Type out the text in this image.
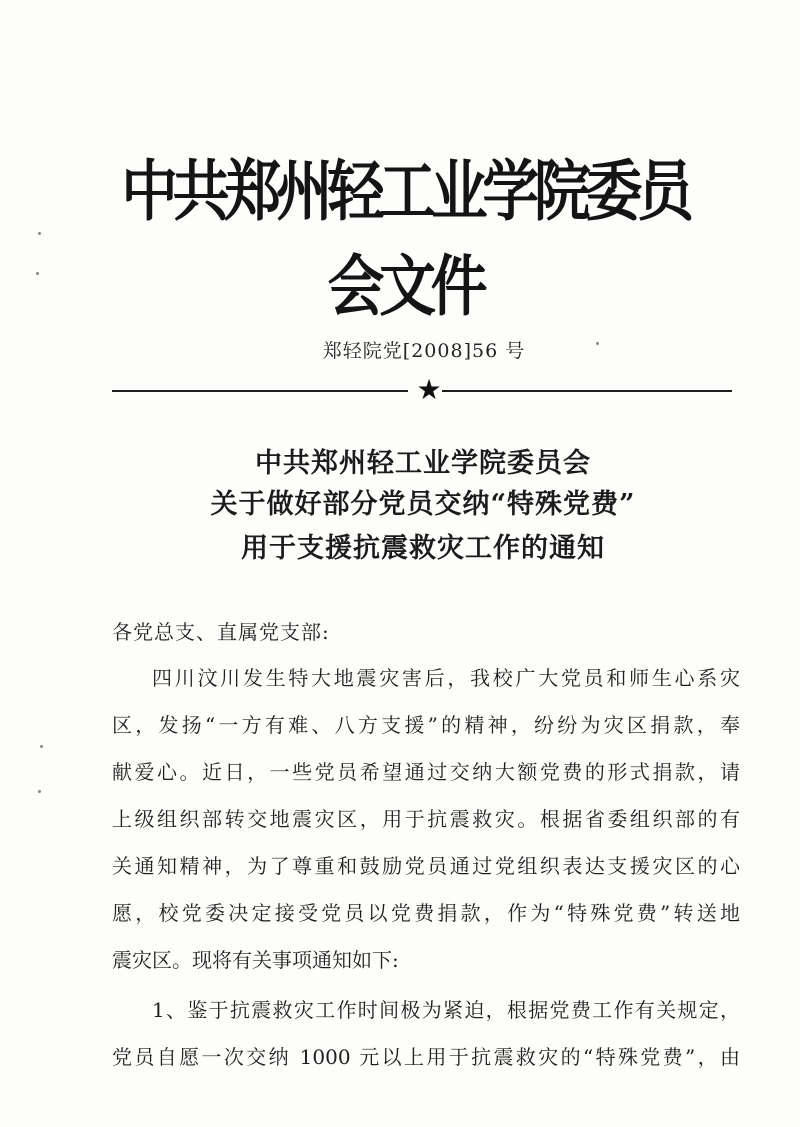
中共郑州轻工业学院委员会文件
郑轻院党[2008]56 号
★
中共郑州轻工业学院委员会
关于做好部分党员交纳“特殊党费”
用于支援抗震救灾工作的通知
各党总支、直属党支部:
四川汶川发生特大地震灾害后，我校广大党员和师生心系灾
区，发扬“一方有难、八方支援”的精神，纷纷为灾区捐款，奉
献爱心。近日，一些党员希望通过交纳大额党费的形式捐款，请
上级组织部转交地震灾区，用于抗震救灾。根据省委组织部的有
关通知精神，为了尊重和鼓励党员通过党组织表达支援灾区的心
愿，校党委决定接受党员以党费捐款，作为“特殊党费”转送地
震灾区。现将有关事项通知如下:
1、鉴于抗震救灾工作时间极为紧迫，根据党费工作有关规定，
党员自愿一次交纳 1000 元以上用于抗震救灾的“特殊党费”，由
